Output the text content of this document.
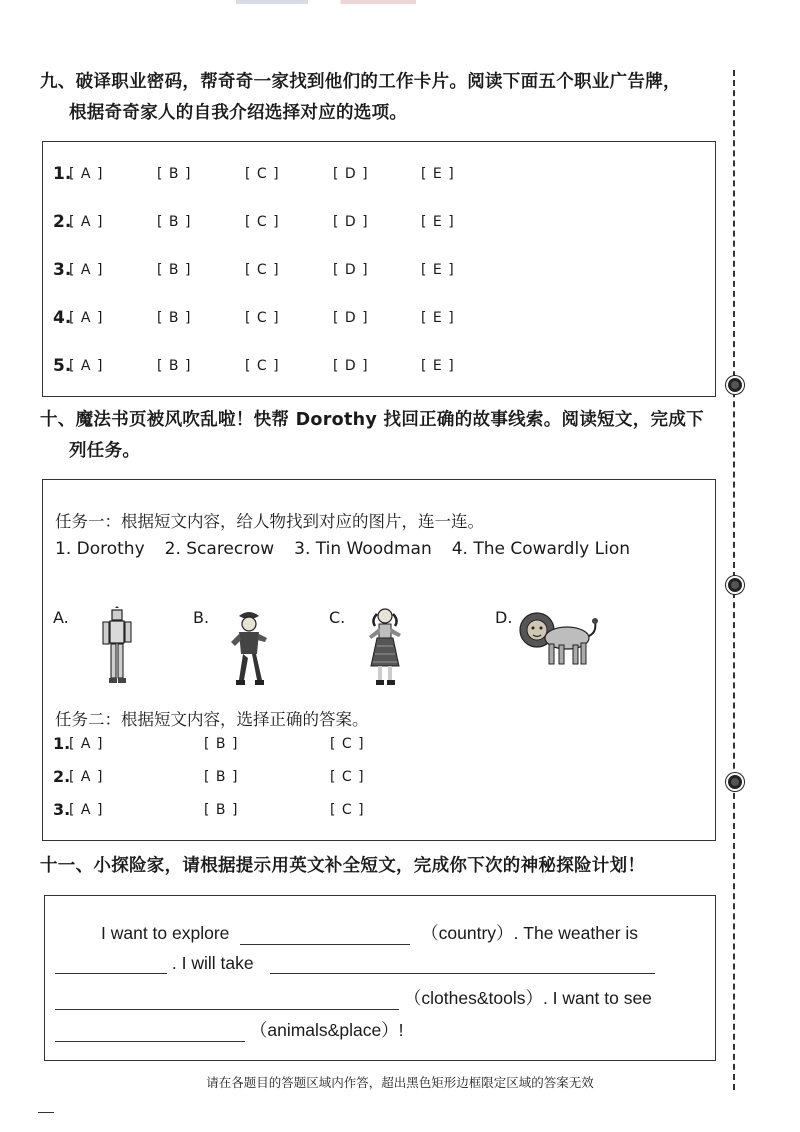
九、破译职业密码，帮奇奇一家找到他们的工作卡片。阅读下面五个职业广告牌，
根据奇奇家人的自我介绍选择对应的选项。
1.
[ A ]	[ B ]	[ C ]	[ D ]	[ E ]
2.
[ A ]	[ B ]	[ C ]	[ D ]	[ E ]
3.
[ A ]	[ B ]	[ C ]	[ D ]	[ E ]
4.
[ A ]	[ B ]	[ C ]	[ D ]	[ E ]
5.
[ A ]	[ B ]	[ C ]	[ D ]	[ E ]
十、魔法书页被风吹乱啦！快帮 Dorothy 找回正确的故事线索。阅读短文，完成下
列任务。
任务一：根据短文内容，给人物找到对应的图片，连一连。
1. Dorothy 2. Scarecrow 3. Tin Woodman 4. The Cowardly Lion
A.	B.	C.	D.
任务二：根据短文内容，选择正确的答案。
1.
[ A ]	[ B ]	[ C ]
2.
[ A ]	[ B ]	[ C ]
3.
[ A ]	[ B ]	[ C ]
十一、小探险家，请根据提示用英文补全短文，完成你下次的神秘探险计划！
I want to explore	（country）. The weather is
. I will take
（clothes&tools）. I want to see
（animals&place）!
请在各题目的答题区域内作答，超出黑色矩形边框限定区域的答案无效
